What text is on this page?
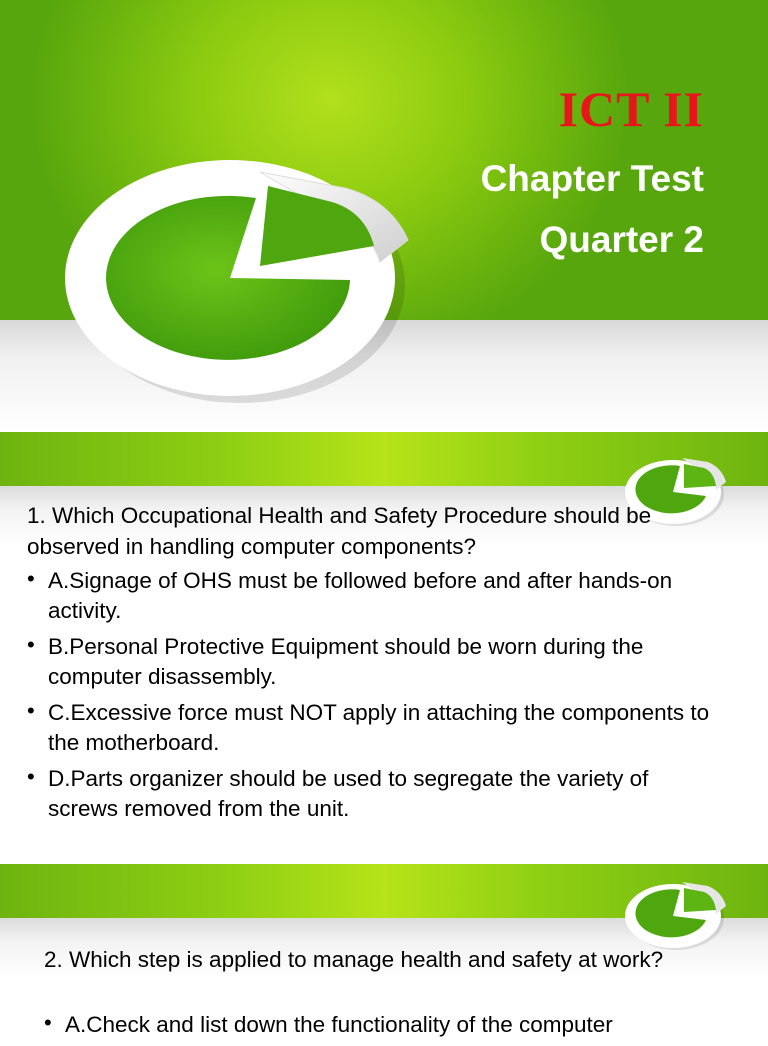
ICT II
Chapter Test
Quarter 2
1. Which Occupational Health and Safety Procedure should be observed in handling computer components?
• A.Signage of OHS must be followed before and after hands-on activity.
• B.Personal Protective Equipment should be worn during the computer disassembly.
• C.Excessive force must NOT apply in attaching the components to the motherboard.
• D.Parts organizer should be used to segregate the variety of screws removed from the unit.
2. Which step is applied to manage health and safety at work?
• A.Check and list down the functionality of the computer
